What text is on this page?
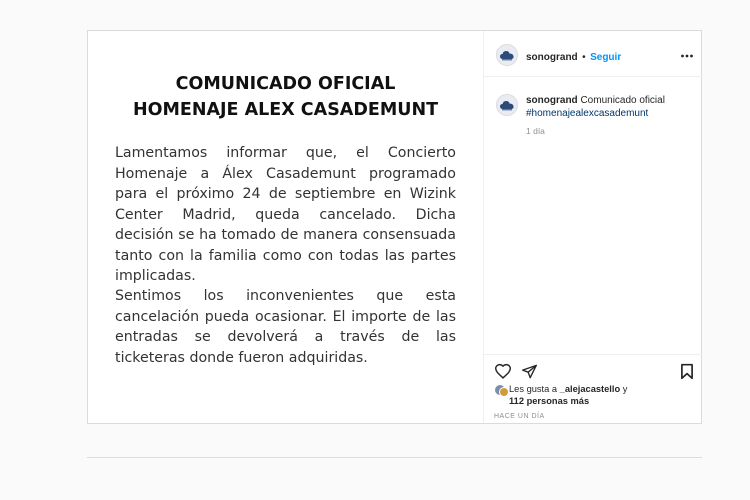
COMUNICADO OFICIAL
HOMENAJE ALEX CASADEMUNT

Lamentamos informar que, el Concierto Homenaje a Álex Casademunt programado para el próximo 24 de septiembre en Wizink Center Madrid, queda cancelado. Dicha decisión se ha tomado de manera consensuada tanto con la familia como con todas las partes implicadas.

Sentimos los inconvenientes que esta cancelación pueda ocasionar. El importe de las entradas se devolverá a través de las ticketeras donde fueron adquiridas.

sonogrand • Seguir
sonogrand Comunicado oficial
#homenajealexcasademunt
1 día
Les gusta a _alejacastello y
112 personas más
HACE UN DÍA
